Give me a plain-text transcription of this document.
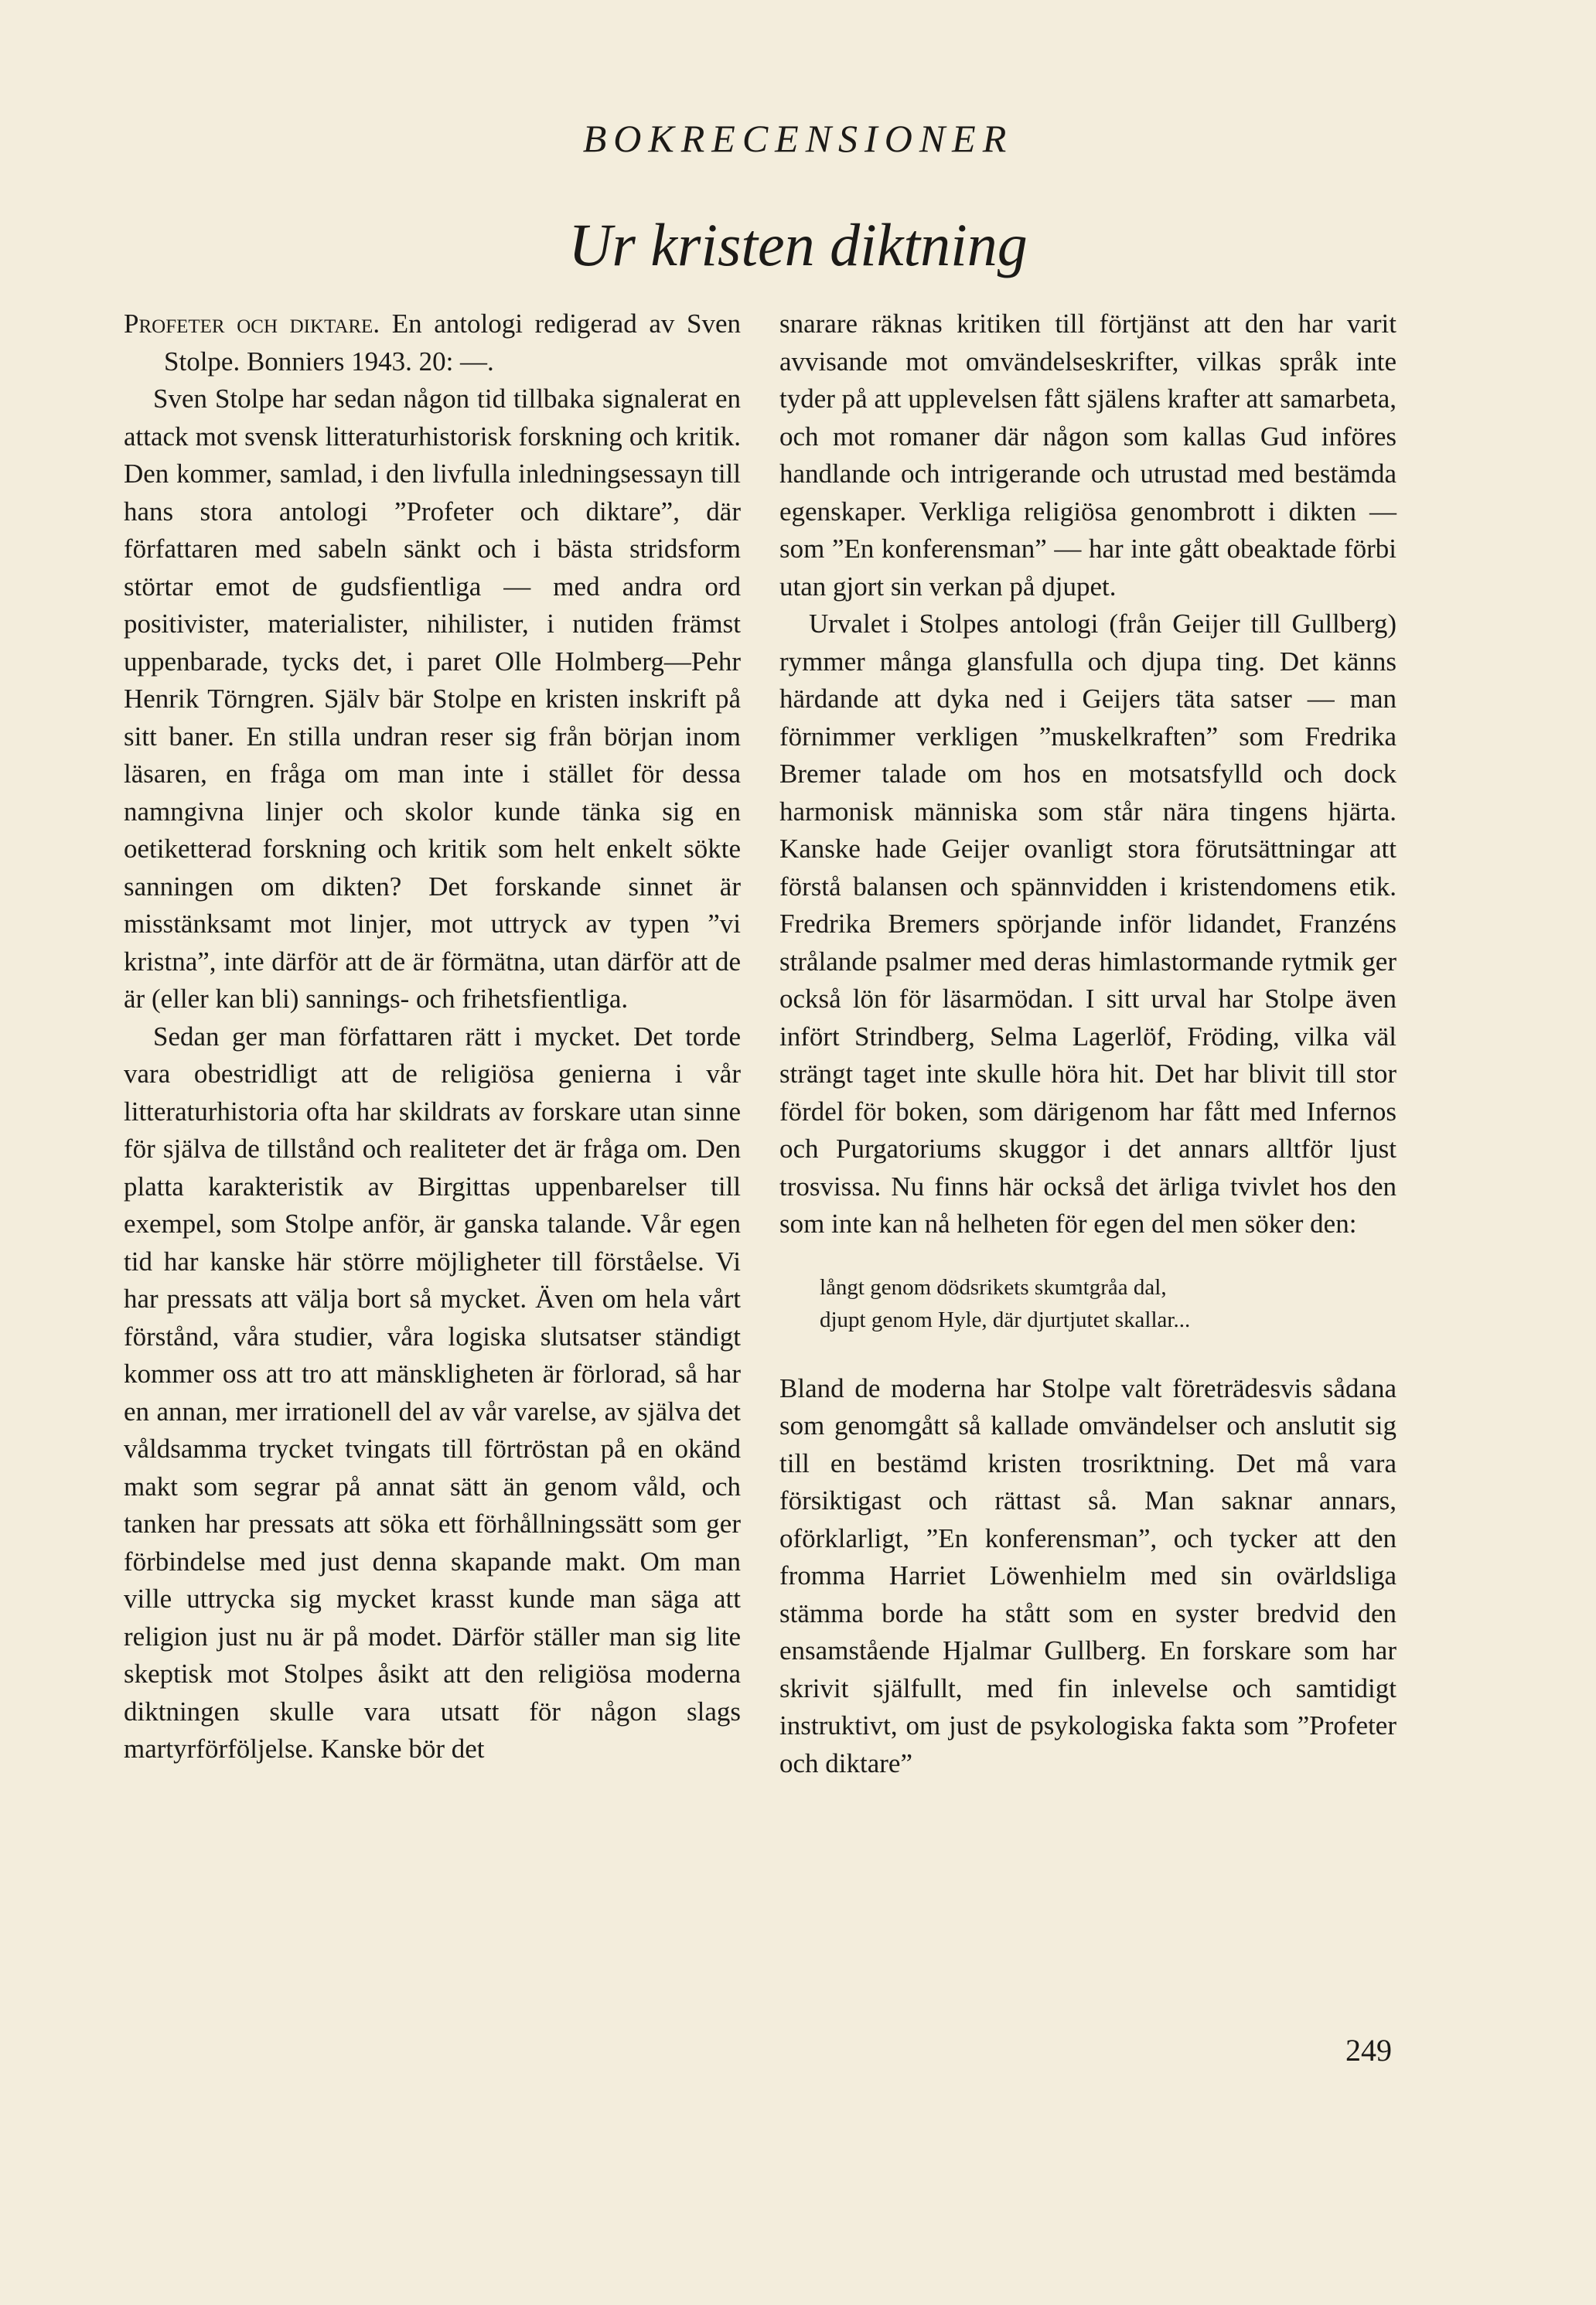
BOKRECENSIONER
Ur kristen diktning

Profeter och diktare. En antologi redigerad av Sven Stolpe. Bonniers 1943. 20: —.

Sven Stolpe har sedan någon tid tillbaka signalerat en attack mot svensk litteraturhistorisk forskning och kritik. Den kommer, samlad, i den livfulla inledningsessayn till hans stora antologi ”Profeter och diktare”, där författaren med sabeln sänkt och i bästa stridsform störtar emot de gudsfientliga — med andra ord positivister, materialister, nihilister, i nutiden främst uppenbarade, tycks det, i paret Olle Holmberg—Pehr Henrik Törngren. Själv bär Stolpe en kristen inskrift på sitt baner. En stilla undran reser sig från början inom läsaren, en fråga om man inte i stället för dessa namngivna linjer och skolor kunde tänka sig en oetiketterad forskning och kritik som helt enkelt sökte sanningen om dikten? Det forskande sinnet är misstänksamt mot linjer, mot uttryck av typen ”vi kristna”, inte därför att de är förmätna, utan därför att de är (eller kan bli) sannings- och frihetsfientliga.

Sedan ger man författaren rätt i mycket. Det torde vara obestridligt att de religiösa genierna i vår litteraturhistoria ofta har skildrats av forskare utan sinne för själva de tillstånd och realiteter det är fråga om. Den platta karakteristik av Birgittas uppenbarelser till exempel, som Stolpe anför, är ganska talande. Vår egen tid har kanske här större möjligheter till förståelse. Vi har pressats att välja bort så mycket. Även om hela vårt förstånd, våra studier, våra logiska slutsatser ständigt kommer oss att tro att mänskligheten är förlorad, så har en annan, mer irrationell del av vår varelse, av själva det våldsamma trycket tvingats till förtröstan på en okänd makt som segrar på annat sätt än genom våld, och tanken har pressats att söka ett förhållningssätt som ger förbindelse med just denna skapande makt. Om man ville uttrycka sig mycket krasst kunde man säga att religion just nu är på modet. Därför ställer man sig lite skeptisk mot Stolpes åsikt att den religiösa moderna diktningen skulle vara utsatt för någon slags martyrförföljelse. Kanske bör det

snarare räknas kritiken till förtjänst att den har varit avvisande mot omvändelseskrifter, vilkas språk inte tyder på att upplevelsen fått själens krafter att samarbeta, och mot romaner där någon som kallas Gud införes handlande och intrigerande och utrustad med bestämda egenskaper. Verkliga religiösa genombrott i dikten — som ”En konferensman” — har inte gått obeaktade förbi utan gjort sin verkan på djupet.

Urvalet i Stolpes antologi (från Geijer till Gullberg) rymmer många glansfulla och djupa ting. Det känns härdande att dyka ned i Geijers täta satser — man förnimmer verkligen ”muskelkraften” som Fredrika Bremer talade om hos en motsatsfylld och dock harmonisk människa som står nära tingens hjärta. Kanske hade Geijer ovanligt stora förutsättningar att förstå balansen och spännvidden i kristendomens etik. Fredrika Bremers spörjande inför lidandet, Franzéns strålande psalmer med deras himlastormande rytmik ger också lön för läsarmödan. I sitt urval har Stolpe även infört Strindberg, Selma Lagerlöf, Fröding, vilka väl strängt taget inte skulle höra hit. Det har blivit till stor fördel för boken, som därigenom har fått med Infernos och Purgatoriums skuggor i det annars alltför ljust trosvissa. Nu finns här också det ärliga tvivlet hos den som inte kan nå helheten för egen del men söker den:

långt genom dödsrikets skumtgråa dal,
djupt genom Hyle, där djurtjutet skallar...

Bland de moderna har Stolpe valt företrädesvis sådana som genomgått så kallade omvändelser och anslutit sig till en bestämd kristen trosriktning. Det må vara försiktigast och rättast så. Man saknar annars, oförklarligt, ”En konferensman”, och tycker att den fromma Harriet Löwenhielm med sin ovärldsliga stämma borde ha stått som en syster bredvid den ensamstående Hjalmar Gullberg. En forskare som har skrivit själfullt, med fin inlevelse och samtidigt instruktivt, om just de psykologiska fakta som ”Profeter och diktare”

249
